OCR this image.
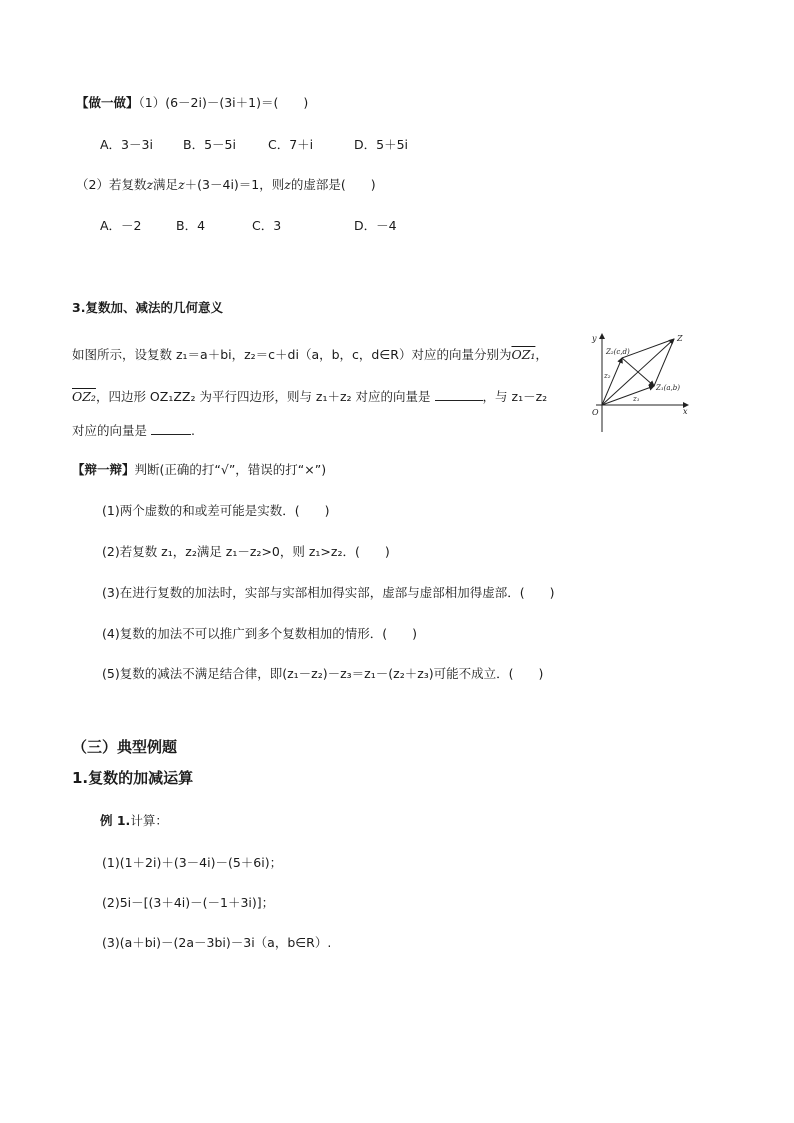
【做一做】（1）(6－2i)－(3i＋1)＝(　　)
A．3－3i B．5－5i	C．7＋i	D．5＋5i
（2）若复数z满足z＋(3－4i)＝1，则z的虚部是(　　)
A．－2	B．4	C．3	D．－4
3.复数加、减法的几何意义
如图所示，设复数 z₁＝a＋bi，z₂＝c＋di（a，b，c，d∈R）对应的向量分别为OZ₁，
OZ₂，四边形 OZ₁ZZ₂ 为平行四边形，则与 z₁＋z₂ 对应的向量是	，与 z₁－z₂
对应的向量是	.
y
x
O
Z
Z₂(c,d)
Z₁(a,b)
z₁
z₂
【辩一辩】判断(正确的打“√”，错误的打“×”)
(1)两个虚数的和或差可能是实数．(　　)
(2)若复数 z₁，z₂满足 z₁－z₂>0，则 z₁>z₂．(　　)
(3)在进行复数的加法时，实部与实部相加得实部，虚部与虚部相加得虚部．(　　)
(4)复数的加法不可以推广到多个复数相加的情形．(　　)
(5)复数的减法不满足结合律，即(z₁－z₂)－z₃＝z₁－(z₂＋z₃)可能不成立．(　　)
（三）典型例题
1.复数的加减运算
例 1.计算：
(1)(1＋2i)＋(3－4i)－(5＋6i)；
(2)5i－[(3＋4i)－(－1＋3i)]；
(3)(a＋bi)－(2a－3bi)－3i（a，b∈R）.
